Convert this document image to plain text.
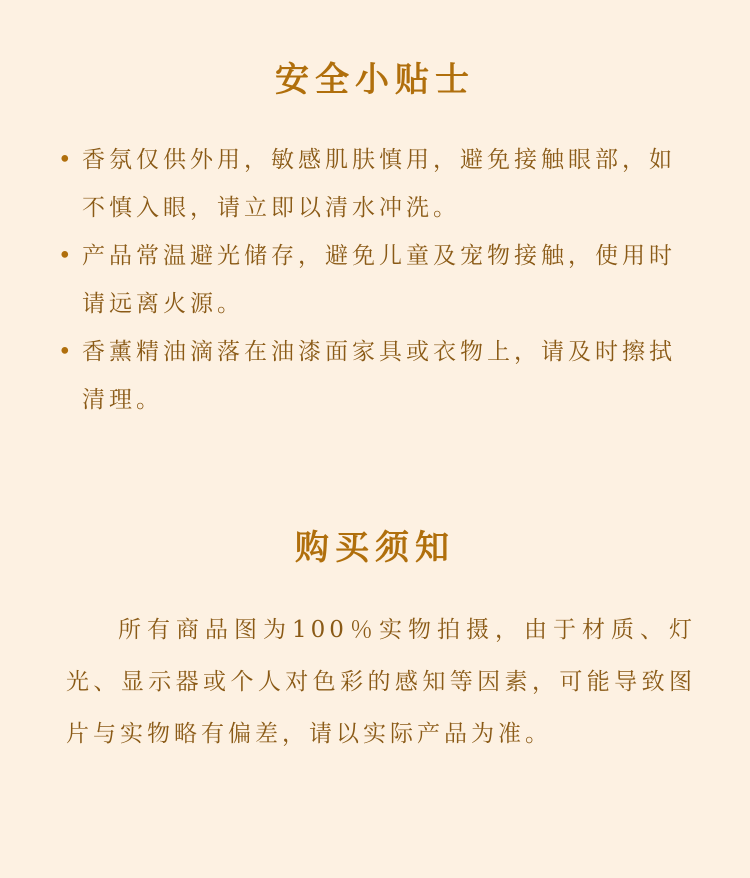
安全小贴士
• 香氛仅供外用，敏感肌肤慎用，避免接触眼部，如不慎入眼，请立即以清水冲洗。
• 产品常温避光储存，避免儿童及宠物接触，使用时请远离火源。
• 香薰精油滴落在油漆面家具或衣物上，请及时擦拭清理。
购买须知
所有商品图为100％实物拍摄，由于材质、灯光、显示器或个人对色彩的感知等因素，可能导致图片与实物略有偏差，请以实际产品为准。
